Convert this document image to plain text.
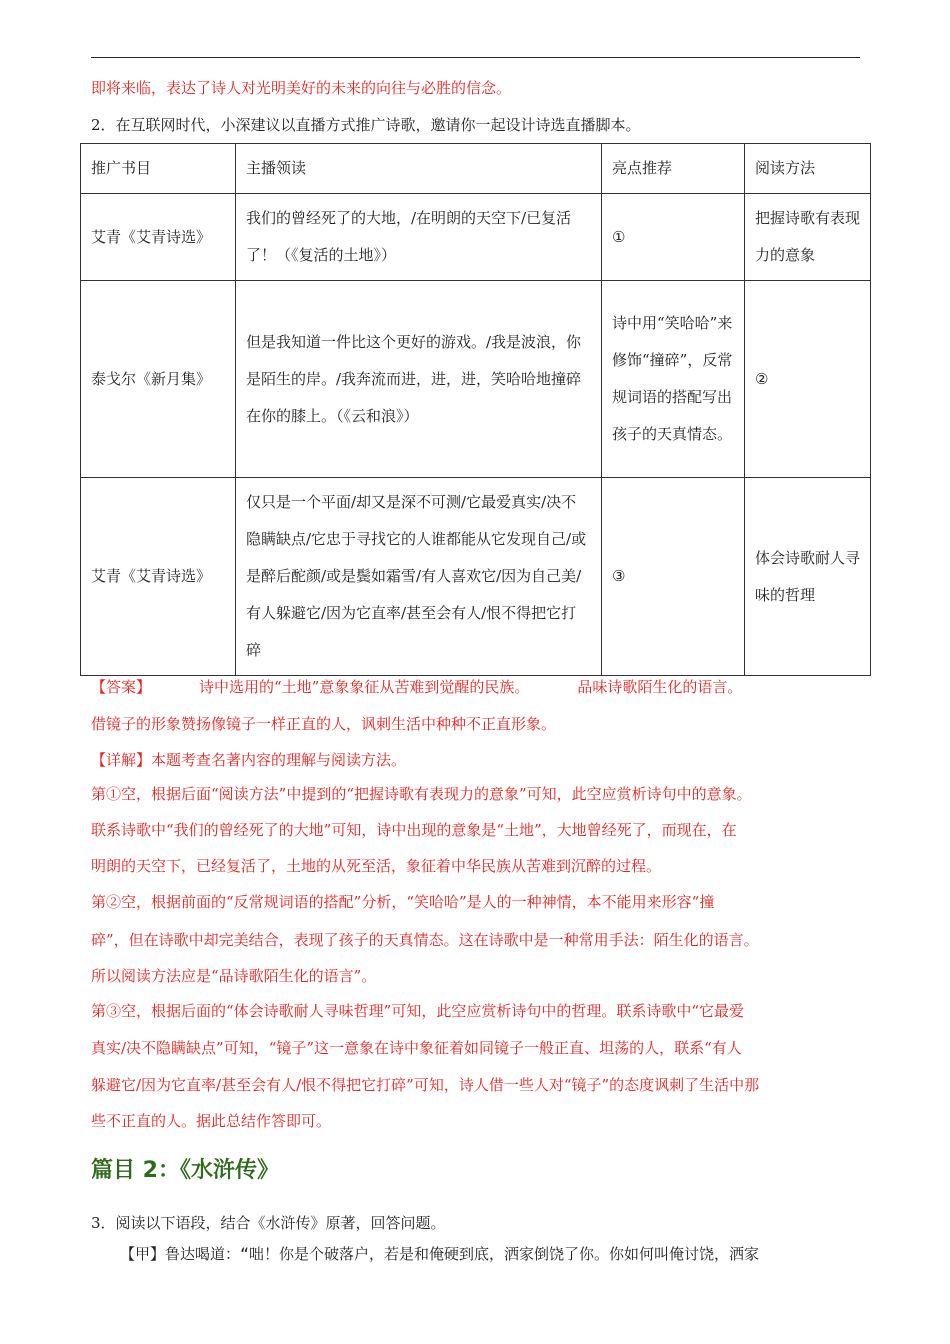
即将来临，表达了诗人对光明美好的未来的向往与必胜的信念。
2．在互联网时代，小深建议以直播方式推广诗歌，邀请你一起设计诗选直播脚本。
推广书目	主播领读	亮点推荐	阅读方法
艾青《艾青诗选》	我们的曾经死了的大地，/在明朗的天空下/已复活了！（《复活的土地》）	①	把握诗歌有表现力的意象
泰戈尔《新月集》	但是我知道一件比这个更好的游戏。/我是波浪，你是陌生的岸。/我奔流而进，进，进，笑哈哈地撞碎在你的膝上。（《云和浪》）	诗中用“笑哈哈”来修饰“撞碎”，反常规词语的搭配写出孩子的天真情态。	②
艾青《艾青诗选》	仅只是一个平面/却又是深不可测/它最爱真实/决不隐瞒缺点/它忠于寻找它的人谁都能从它发现自己/或是醉后酡颜/或是鬓如霜雪/有人喜欢它/因为自己美/有人躲避它/因为它直率/甚至会有人/恨不得把它打碎	③	体会诗歌耐人寻味的哲理
【答案】	诗中选用的“土地”意象象征从苦难到觉醒的民族。	品味诗歌陌生化的语言。
借镜子的形象赞扬像镜子一样正直的人，讽刺生活中种种不正直形象。
【详解】本题考查名著内容的理解与阅读方法。
第①空，根据后面“阅读方法”中提到的“把握诗歌有表现力的意象”可知，此空应赏析诗句中的意象。
联系诗歌中“我们的曾经死了的大地”可知，诗中出现的意象是“土地”，大地曾经死了，而现在，在
明朗的天空下，已经复活了，土地的从死至活，象征着中华民族从苦难到沉醉的过程。
第②空，根据前面的“反常规词语的搭配”分析，“笑哈哈”是人的一种神情，本不能用来形容“撞
碎”，但在诗歌中却完美结合，表现了孩子的天真情态。这在诗歌中是一种常用手法：陌生化的语言。
所以阅读方法应是“品诗歌陌生化的语言”。
第③空，根据后面的“体会诗歌耐人寻味哲理”可知，此空应赏析诗句中的哲理。联系诗歌中“它最爱
真实/决不隐瞒缺点”可知，“镜子”这一意象在诗中象征着如同镜子一般正直、坦荡的人，联系“有人
躲避它/因为它直率/甚至会有人/恨不得把它打碎”可知，诗人借一些人对“镜子”的态度讽刺了生活中那
些不正直的人。据此总结作答即可。
篇目 2：《水浒传》
3．阅读以下语段，结合《水浒传》原著，回答问题。
【甲】鲁达喝道：“咄！你是个破落户，若是和俺硬到底，洒家倒饶了你。你如何叫俺讨饶，洒家
